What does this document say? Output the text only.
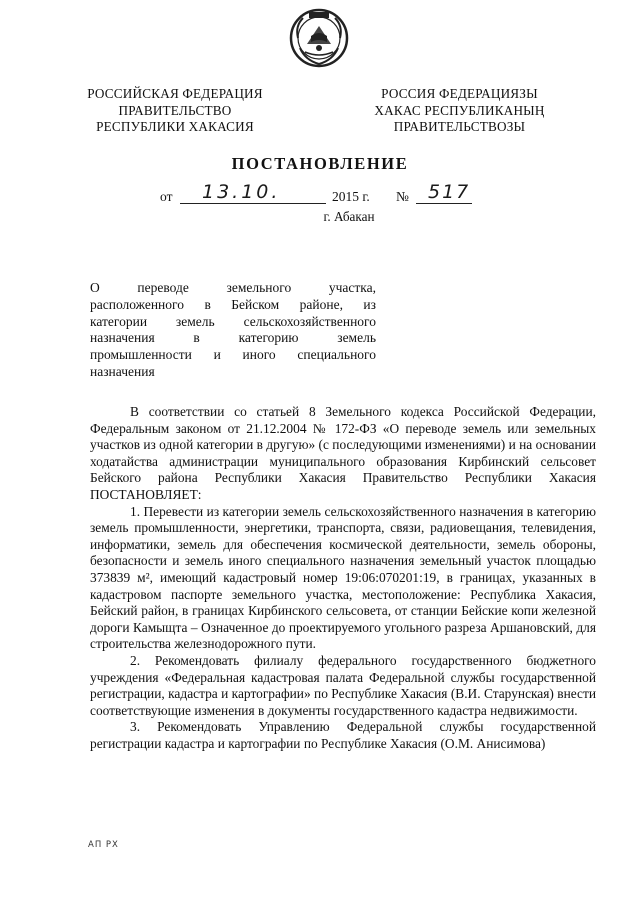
РОССИЙСКАЯ ФЕДЕРАЦИЯ
ПРАВИТЕЛЬСТВО
РЕСПУБЛИКИ ХАКАСИЯ
РОССИЯ ФЕДЕРАЦИЯЗЫ
ХАКАС РЕСПУБЛИКАНЫҢ
ПРАВИТЕЛЬСТВОЗЫ
ПОСТАНОВЛЕНИЕ
от 13.10.	2015 г. № 517
г. Абакан
О переводе земельного участка,
расположенного в Бейском районе, из
категории земель сельскохозяйственного
назначения в категорию земель
промышленности и иного специального
назначения

В соответствии со статьей 8 Земельного кодекса Российской Федерации, Федеральным законом от 21.12.2004 № 172-ФЗ «О переводе земель или земельных участков из одной категории в другую» (с последующими изменениями) и на основании ходатайства администрации муниципального образования Кирбинский сельсовет Бейского района Республики Хакасия Правительство Республики Хакасия ПОСТАНОВЛЯЕТ:

1. Перевести из категории земель сельскохозяйственного назначения в категорию земель промышленности, энергетики, транспорта, связи, радиовещания, телевидения, информатики, земель для обеспечения космической деятельности, земель обороны, безопасности и земель иного специального назначения земельный участок площадью 373839 м², имеющий кадастровый номер 19:06:070201:19, в границах, указанных в кадастровом паспорте земельного участка, местоположение: Республика Хакасия, Бейский район, в границах Кирбинского сельсовета, от станции Бейские копи железной дороги Камыщта – Означенное до проектируемого угольного разреза Аршановский, для строительства железнодорожного пути.

2. Рекомендовать филиалу федерального государственного бюджетного учреждения «Федеральная кадастровая палата Федеральной службы государственной регистрации, кадастра и картографии» по Республике Хакасия (В.И. Старунская) внести соответствующие изменения в документы государственного кадастра недвижимости.

3. Рекомендовать Управлению Федеральной службы государственной регистрации кадастра и картографии по Республике Хакасия (О.М. Анисимова)

АП РХ
